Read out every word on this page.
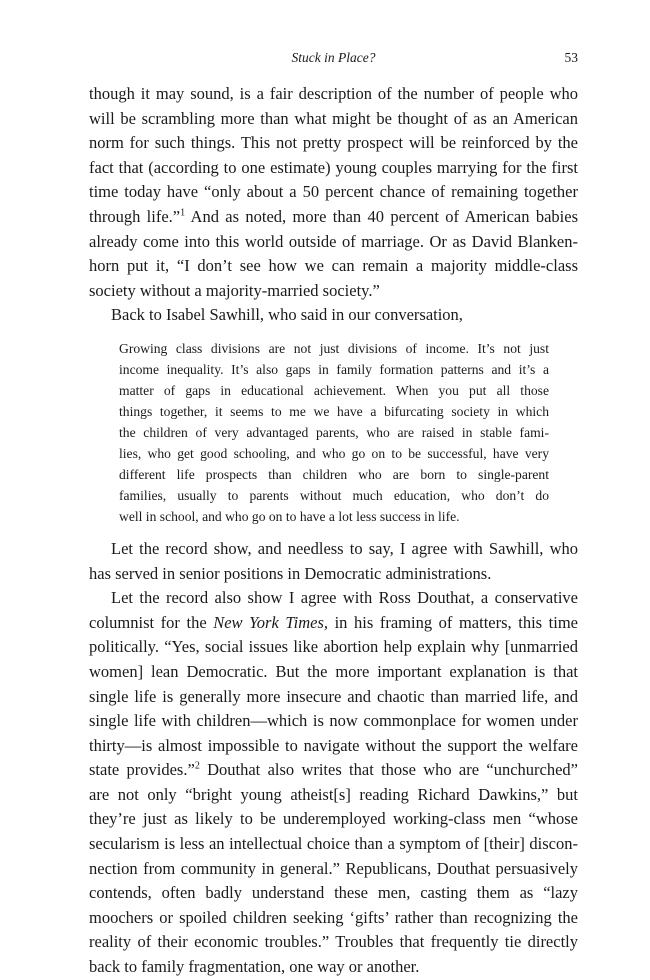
Stuck in Place?	53
though it may sound, is a fair description of the number of people who
will be scrambling more than what might be thought of as an American
norm for such things. This not pretty prospect will be reinforced by the
fact that (according to one estimate) young couples marrying for the first
time today have “only about a 50 percent chance of remaining together
through life.”$^1$ And as noted, more than 40 percent of American babies
already come into this world outside of marriage. Or as David Blanken-
horn put it, “I don’t see how we can remain a majority middle-class
society without a majority-married society.”
Back to Isabel Sawhill, who said in our conversation,
Growing class divisions are not just divisions of income. It’s not just
income inequality. It’s also gaps in family formation patterns and it’s a
matter of gaps in educational achievement. When you put all those
things together, it seems to me we have a bifurcating society in which
the children of very advantaged parents, who are raised in stable fami-
lies, who get good schooling, and who go on to be successful, have very
different life prospects than children who are born to single-parent
families, usually to parents without much education, who don’t do
well in school, and who go on to have a lot less success in life.
Let the record show, and needless to say, I agree with Sawhill, who
has served in senior positions in Democratic administrations.
Let the record also show I agree with Ross Douthat, a conservative
columnist for the New York Times, in his framing of matters, this time
politically. “Yes, social issues like abortion help explain why [unmarried
women] lean Democratic. But the more important explanation is that
single life is generally more insecure and chaotic than married life, and
single life with children—which is now commonplace for women under
thirty—is almost impossible to navigate without the support the welfare
state provides.”$^2$ Douthat also writes that those who are “unchurched”
are not only “bright young atheist[s] reading Richard Dawkins,” but
they’re just as likely to be underemployed working-class men “whose
secularism is less an intellectual choice than a symptom of [their] discon-
nection from community in general.” Republicans, Douthat persuasively
contends, often badly understand these men, casting them as “lazy
moochers or spoiled children seeking ‘gifts’ rather than recognizing the
reality of their economic troubles.” Troubles that frequently tie directly
back to family fragmentation, one way or another.
